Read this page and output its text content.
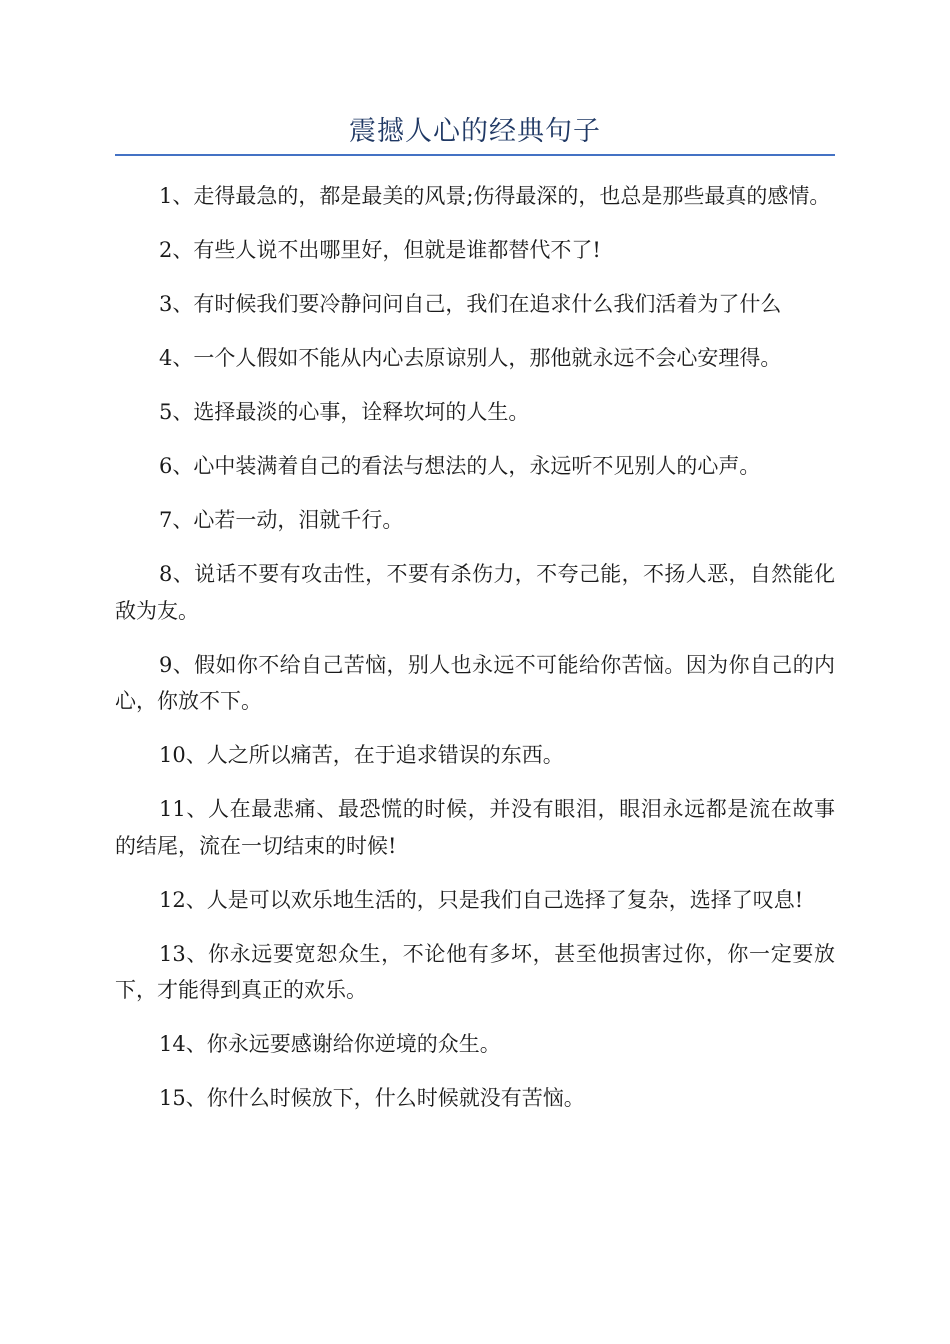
震撼人心的经典句子

1、走得最急的，都是最美的风景;伤得最深的，也总是那些最真的感情。

2、有些人说不出哪里好，但就是谁都替代不了!

3、有时候我们要冷静问问自己，我们在追求什么我们活着为了什么

4、一个人假如不能从内心去原谅别人，那他就永远不会心安理得。

5、选择最淡的心事，诠释坎坷的人生。

6、心中装满着自己的看法与想法的人，永远听不见别人的心声。

7、心若一动，泪就千行。

8、说话不要有攻击性，不要有杀伤力，不夸己能，不扬人恶，自然能化敌为友。

9、假如你不给自己苦恼，别人也永远不可能给你苦恼。因为你自己的内心，你放不下。

10、人之所以痛苦，在于追求错误的东西。

11、人在最悲痛、最恐慌的时候，并没有眼泪，眼泪永远都是流在故事的结尾，流在一切结束的时候!

12、人是可以欢乐地生活的，只是我们自己选择了复杂，选择了叹息!

13、你永远要宽恕众生，不论他有多坏，甚至他损害过你，你一定要放下，才能得到真正的欢乐。

14、你永远要感谢给你逆境的众生。

15、你什么时候放下，什么时候就没有苦恼。
